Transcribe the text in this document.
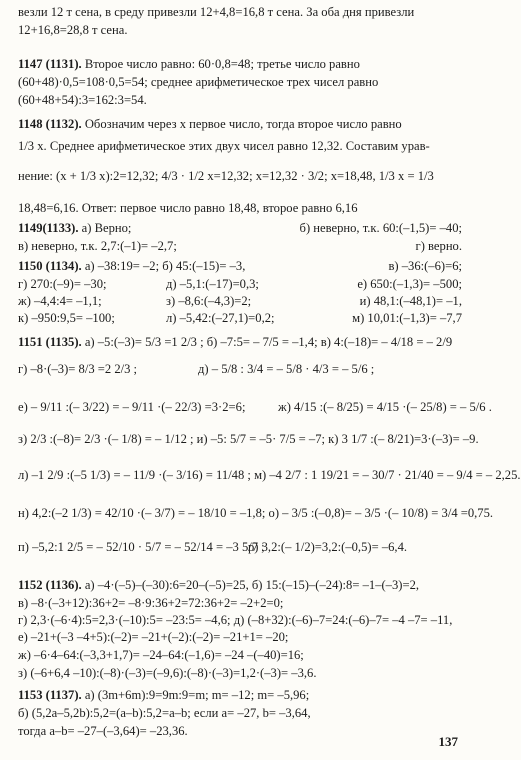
везли 12 т сена, в среду привезли 12+4,8=16,8 т сена. За оба дня привезли
12+16,8=28,8 т сена.
1147 (1131). Второе число равно: 60·0,8=48; третье число равно
(60+48)·0,5=108·0,5=54; среднее арифметическое трех чисел равно
(60+48+54):3=162:3=54.
1148 (1132). Обозначим через x первое число, тогда второе число равно
1/3 x. Среднее арифметическое этих двух чисел равно 12,32. Составим урав-
нение: (x + 1/3 x):2=12,32; 4/3 · 1/2 x=12,32; x=12,32 · 3/2; x=18,48, 1/3 x = 1/3
18,48=6,16. Ответ: первое число равно 18,48, второе равно 6,16
1149(1133). а) Верно;	б) неверно, т.к. 60:(–1,5)= –40;
в) неверно, т.к. 2,7:(–1)= –2,7;	г) верно.
1150 (1134). а) –38:19= –2; б) 45:(–15)= –3,	в) –36:(–6)=6;
г) 270:(–9)= –30;	д) –5,1:(–17)=0,3;	е) 650:(–1,3)= –500;
ж) –4,4:4= –1,1;	з) –8,6:(–4,3)=2;	и) 48,1:(–48,1)= –1,
к) –950:9,5= –100;	л) –5,42:(–27,1)=0,2;	м) 10,01:(–1,3)= –7,7
1151 (1135). а) –5:(–3)= 5/3 =1 2/3 ; б) –7:5= – 7/5 = –1,4; в) 4:(–18)= – 4/18 = – 2/9
г) –8·(–3)= 8/3 =2 2/3 ;	д) – 5/8 : 3/4 = – 5/8 · 4/3 = – 5/6 ;
е) – 9/11 :(– 3/22) = – 9/11 ·(– 22/3) =3·2=6;	ж) 4/15 :(– 8/25) = 4/15 ·(– 25/8) = – 5/6 .
з) 2/3 :(–8)= 2/3 ·(– 1/8) = – 1/12 ; и) –5: 5/7 = –5· 7/5 = –7; к) 3 1/7 :(– 8/21)=3·(–3)= –9.
л) –1 2/9 :(–5 1/3) = – 11/9 ·(– 3/16) = 11/48 ; м) –4 2/7 : 1 19/21 = – 30/7 · 21/40 = – 9/4 = – 2,25.
н) 4,2:(–2 1/3) = 42/10 ·(– 3/7) = – 18/10 = –1,8; о) – 3/5 :(–0,8)= – 3/5 ·(– 10/8) = 3/4 =0,75.
п) –5,2:1 2/5 = – 52/10 · 5/7 = – 52/14 = –3 5/7 ;
р) 3,2:(– 1/2)=3,2:(–0,5)= –6,4.
1152 (1136). а) –4·(–5)–(–30):6=20–(–5)=25, б) 15:(–15)–(–24):8= –1–(–3)=2,
в) –8·(–3+12):36+2= –8·9:36+2=72:36+2= –2+2=0;
г) 2,3·(–6·4):5=2,3·(–10):5= –23:5= –4,6; д) (–8+32):(–6)–7=24:(–6)–7= –4 –7= –11,
е) –21+(–3 –4+5):(–2)= –21+(–2):(–2)= –21+1= –20;
ж) –6·4–64:(–3,3+1,7)= –24–64:(–1,6)= –24 –(–40)=16;
з) (–6+6,4 –10):(–8)·(–3)=(–9,6):(–8)·(–3)=1,2·(–3)= –3,6.
1153 (1137). а) (3m+6m):9=9m:9=m; m= –12; m= –5,96;
б) (5,2a–5,2b):5,2=(a–b):5,2=a–b; если a= –27, b= –3,64,
тогда a–b= –27–(–3,64)= –23,36.
137
